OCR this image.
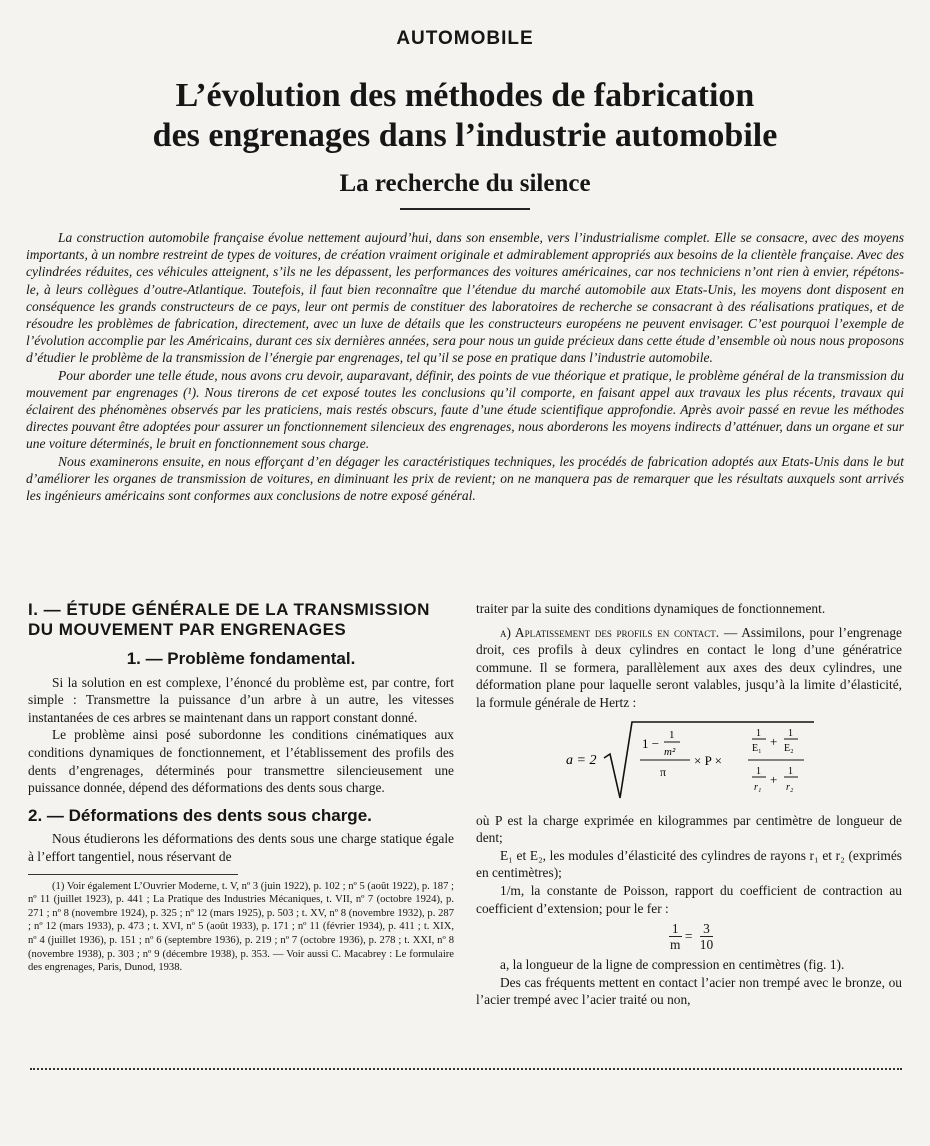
AUTOMOBILE
L’évolution des méthodes de fabrication
des engrenages dans l’industrie automobile
La recherche du silence

La construction automobile française évolue nettement aujourd’hui, dans son ensemble, vers l’industrialisme complet. Elle se consacre, avec des moyens importants, à un nombre restreint de types de voitures, de création vraiment originale et admirablement appropriés aux besoins de la clientèle française. Avec des cylindrées réduites, ces véhicules atteignent, s’ils ne les dépassent, les performances des voitures américaines, car nos techniciens n’ont rien à envier, répétons-le, à leurs collègues d’outre-Atlantique. Toutefois, il faut bien reconnaître que l’étendue du marché automobile aux Etats-Unis, les moyens dont disposent en conséquence les grands constructeurs de ce pays, leur ont permis de constituer des laboratoires de recherche se consacrant à des réalisations pratiques, et de résoudre les problèmes de fabrication, directement, avec un luxe de détails que les constructeurs européens ne peuvent envisager. C’est pourquoi l’exemple de l’évolution accomplie par les Américains, durant ces six dernières années, sera pour nous un guide précieux dans cette étude d’ensemble où nous nous proposons d’étudier le problème de la transmission de l’énergie par engrenages, tel qu’il se pose en pratique dans l’industrie automobile.

Pour aborder une telle étude, nous avons cru devoir, auparavant, définir, des points de vue théorique et pratique, le problème général de la transmission du mouvement par engrenages (¹). Nous tirerons de cet exposé toutes les conclusions qu’il comporte, en faisant appel aux travaux les plus récents, travaux qui éclairent des phénomènes observés par les praticiens, mais restés obscurs, faute d’une étude scientifique approfondie. Après avoir passé en revue les méthodes directes pouvant être adoptées pour assurer un fonctionnement silencieux des engrenages, nous aborderons les moyens indirects d’atténuer, dans un organe et sur une voiture déterminés, le bruit en fonctionnement sous charge.

Nous examinerons ensuite, en nous efforçant d’en dégager les caractéristiques techniques, les procédés de fabrication adoptés aux Etats-Unis dans le but d’améliorer les organes de transmission de voitures, en diminuant les prix de revient; on ne manquera pas de remarquer que les résultats auxquels sont arrivés les ingénieurs américains sont conformes aux conclusions de notre exposé général.

I. — ÉTUDE GÉNÉRALE DE LA TRANSMISSION DU MOUVEMENT PAR ENGRENAGES
1. — Problème fondamental.

Si la solution en est complexe, l’énoncé du problème est, par contre, fort simple : Transmettre la puissance d’un arbre à un autre, les vitesses instantanées de ces arbres se maintenant dans un rapport constant donné.

Le problème ainsi posé subordonne les conditions cinématiques aux conditions dynamiques de fonctionnement, et l’établissement des profils des dents d’engrenages, déterminés pour transmettre silencieusement une puissance donnée, dépend des déformations des dents sous charge.

2. — Déformations des dents sous charge.

Nous étudierons les déformations des dents sous une charge statique égale à l’effort tangentiel, nous réservant de

(1) Voir également L’Ouvrier Moderne, t. V, nº 3 (juin 1922), p. 102 ; nº 5 (août 1922), p. 187 ; nº 11 (juillet 1923), p. 441 ; La Pratique des Industries Mécaniques, t. VII, nº 7 (octobre 1924), p. 271 ; nº 8 (novembre 1924), p. 325 ; nº 12 (mars 1925), p. 503 ; t. XV, nº 8 (novembre 1932), p. 287 ; nº 12 (mars 1933), p. 473 ; t. XVI, nº 5 (août 1933), p. 171 ; nº 11 (février 1934), p. 411 ; t. XIX, nº 4 (juillet 1936), p. 151 ; nº 6 (septembre 1936), p. 219 ; nº 7 (octobre 1936), p. 278 ; t. XXI, nº 8 (novembre 1938), p. 303 ; nº 9 (décembre 1938), p. 353. — Voir aussi C. Macabrey : Le formulaire des engrenages, Paris, Dunod, 1938.

traiter par la suite des conditions dynamiques de fonctionnement.

a) Aplatissement des profils en contact. — Assimilons, pour l’engrenage droit, ces profils à deux cylindres en contact le long d’une génératrice commune. Il se formera, parallèlement aux axes des deux cylindres, une déformation plane pour laquelle seront valables, jusqu’à la limite d’élasticité, la formule générale de Hertz :

a = 2
1 −
1
m²
π
× P ×
1
E₁ +
1
E₂
1
r₁
+
1
r₂

où P est la charge exprimée en kilogrammes par centimètre de longueur de dent;

E₁ et E₂, les modules d’élasticité des cylindres de rayons r₁ et r₂ (exprimés en centimètres);

1/m, la constante de Poisson, rapport du coefficient de contraction au coefficient d’extension; pour le fer :

$\frac{1}{m} = \frac{3}{10}$

a, la longueur de la ligne de compression en centimètres (fig. 1).

Des cas fréquents mettent en contact l’acier non trempé avec le bronze, ou l’acier trempé avec l’acier traité ou non,
